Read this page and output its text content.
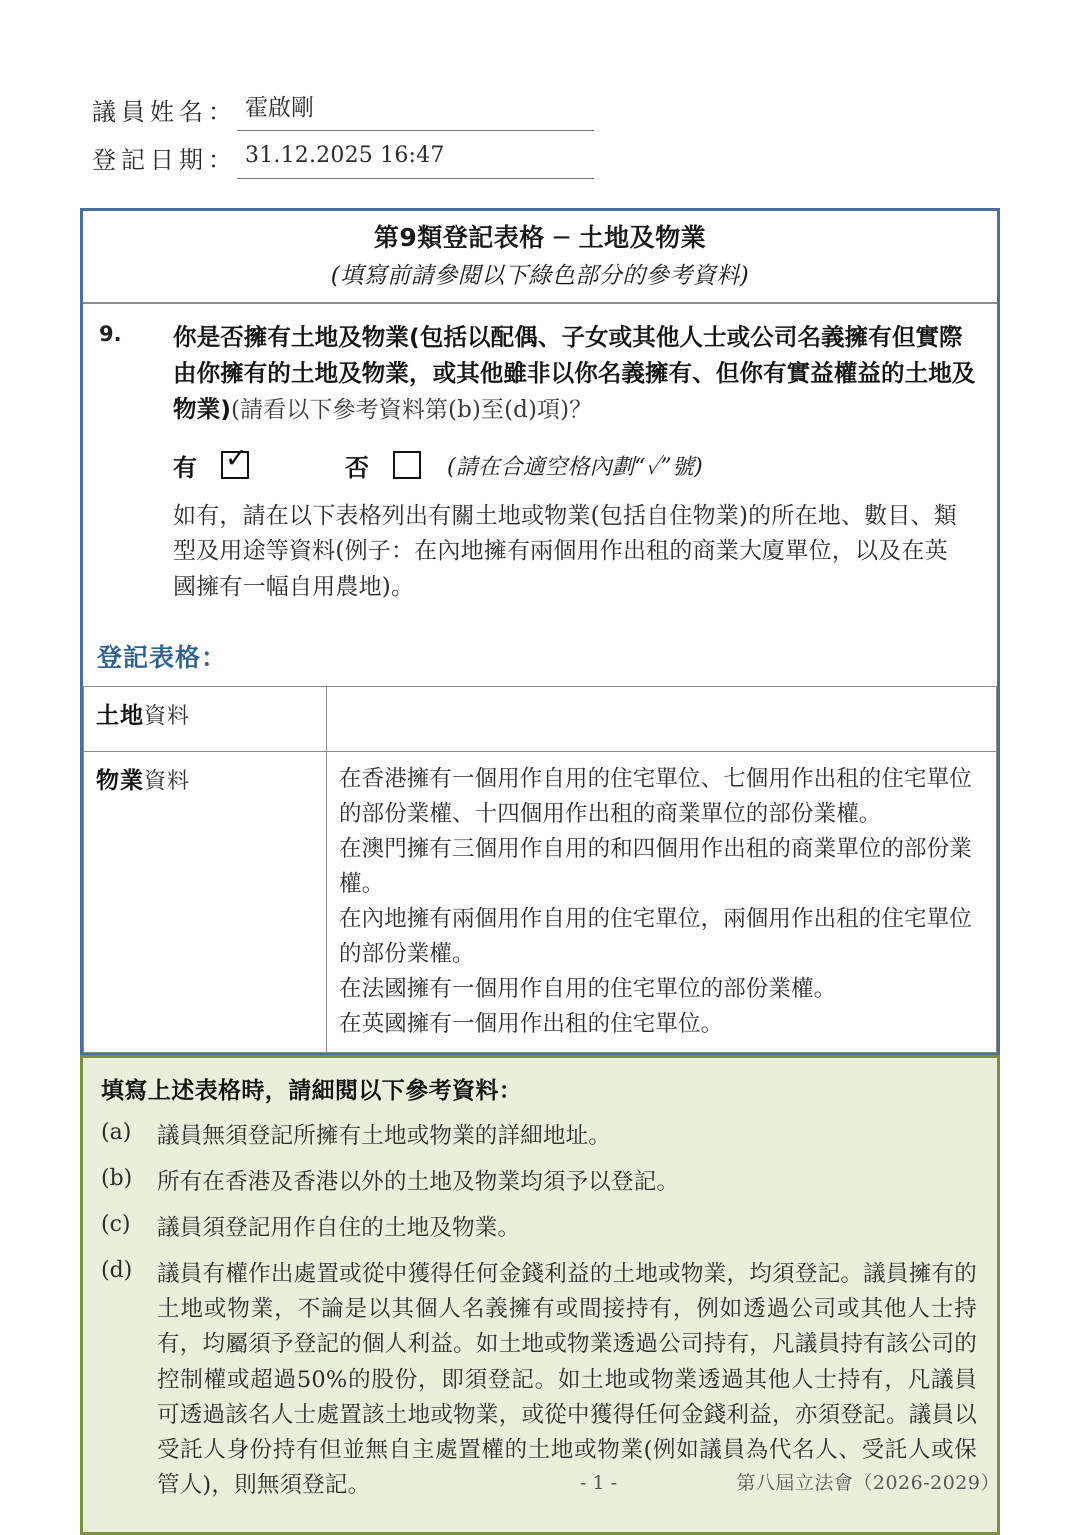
議員姓名： 霍啟剛
登記日期： 31.12.2025 16:47
第9類登記表格 ─ 土地及物業
(填寫前請參閱以下綠色部分的參考資料)
9.	你是否擁有土地及物業(包括以配偶、子女或其他人士或公司名義擁有但實際由你擁有的土地及物業，或其他雖非以你名義擁有、但你有實益權益的土地及物業)(請看以下參考資料第(b)至(d)項)？
有 ✓	否	(請在合適空格內劃“✓”號)
如有，請在以下表格列出有關土地或物業(包括自住物業)的所在地、數目、類型及用途等資料(例子：在內地擁有兩個用作出租的商業大廈單位，以及在英國擁有一幅自用農地)。
登記表格：
土地資料	

物業資料	在香港擁有一個用作自用的住宅單位、七個用作出租的住宅單位的部份業權、十四個用作出租的商業單位的部份業權。

在澳門擁有三個用作自用的和四個用作出租的商業單位的部份業權。

在內地擁有兩個用作自用的住宅單位，兩個用作出租的住宅單位的部份業權。

在法國擁有一個用作自用的住宅單位的部份業權。

在英國擁有一個用作出租的住宅單位。

填寫上述表格時，請細閱以下參考資料：
(a)	議員無須登記所擁有土地或物業的詳細地址。
(b)	所有在香港及香港以外的土地及物業均須予以登記。
(c)	議員須登記用作自住的土地及物業。
(d)	議員有權作出處置或從中獲得任何金錢利益的土地或物業，均須登記。議員擁有的土地或物業，不論是以其個人名義擁有或間接持有，例如透過公司或其他人士持有，均屬須予登記的個人利益。如土地或物業透過公司持有，凡議員持有該公司的控制權或超過50%的股份，即須登記。如土地或物業透過其他人士持有，凡議員可透過該名人士處置該土地或物業，或從中獲得任何金錢利益，亦須登記。議員以受託人身份持有但並無自主處置權的土地或物業(例如議員為代名人、受託人或保管人)，則無須登記。	- 1 -	第八屆立法會（2026-2029）
